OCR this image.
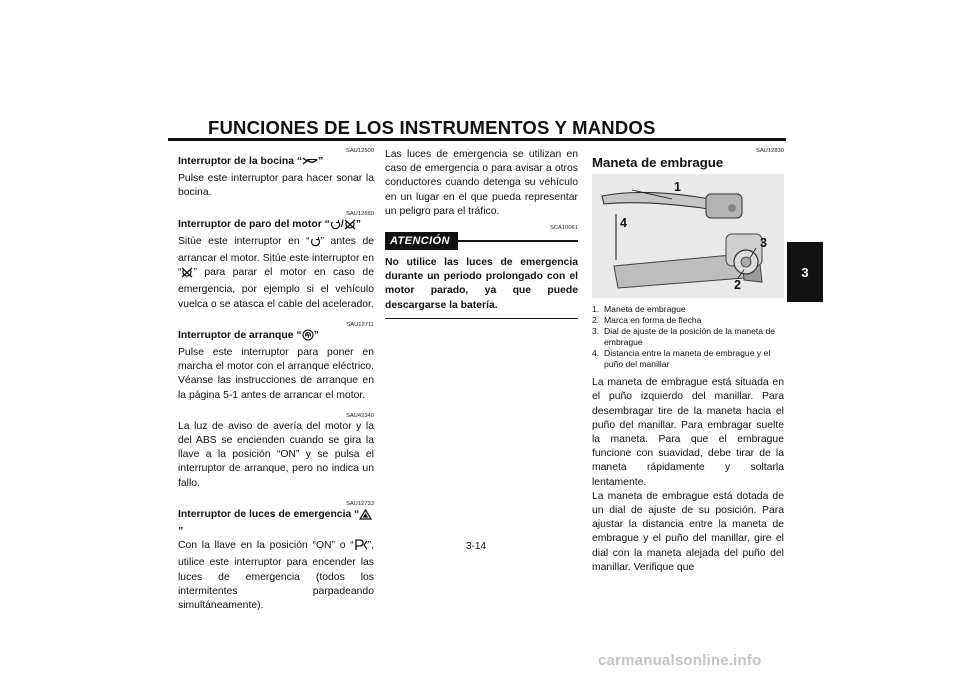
FUNCIONES DE LOS INSTRUMENTOS Y MANDOS
3
SAU12500
Interruptor de la bocina “ ”

Pulse este interruptor para hacer sonar la bocina.

SAU12660
Interruptor de paro del motor “ / ”

Sitúe este interruptor en “ ” antes de arrancar el motor. Sitúe este interruptor en “ ” para parar el motor en caso de emergencia, por ejemplo si el vehículo vuelca o se atasca el cable del acelerador.

SAU12711
Interruptor de arranque “ ”

Pulse este interruptor para poner en marcha el motor con el arranque eléctrico. Véanse las instrucciones de arranque en la página 5-1 antes de arrancar el motor.

SAU42340

La luz de aviso de avería del motor y la del ABS se encienden cuando se gira la llave a la posición “ON” y se pulsa el interruptor de arranque, pero no indica un fallo.

SAU12733
Interruptor de luces de emergencia “”

Con la llave en la posición “ON” o “ ”, utilice este interruptor para encender las luces de emergencia (todos los intermitentes parpadeando simultáneamente).

Las luces de emergencia se utilizan en caso de emergencia o para avisar a otros conductores cuando detenga su vehículo en un lugar en el que pueda representar un peligro para el tráfico.

SCA10061
ATENCIÓN

No utilice las luces de emergencia durante un periodo prolongado con el motor parado, ya que puede descargarse la batería.

SAU12830
Maneta de embrague
1
4
3
2
1. Maneta de embrague
2. Marca en forma de flecha
3. Dial de ajuste de la posición de la maneta de embrague
4. Distancia entre la maneta de embrague y el puño del manillar

La maneta de embrague está situada en el puño izquierdo del manillar. Para desembragar tire de la maneta hacia el puño del manillar. Para embragar suelte la maneta. Para que el embrague funcione con suavidad, debe tirar de la maneta rápidamente y soltarla lentamente.

La maneta de embrague está dotada de un dial de ajuste de su posición. Para ajustar la distancia entre la maneta de embrague y el puño del manillar, gire el dial con la maneta alejada del puño del manillar. Verifique que

3-14
carmanualsonline.info
